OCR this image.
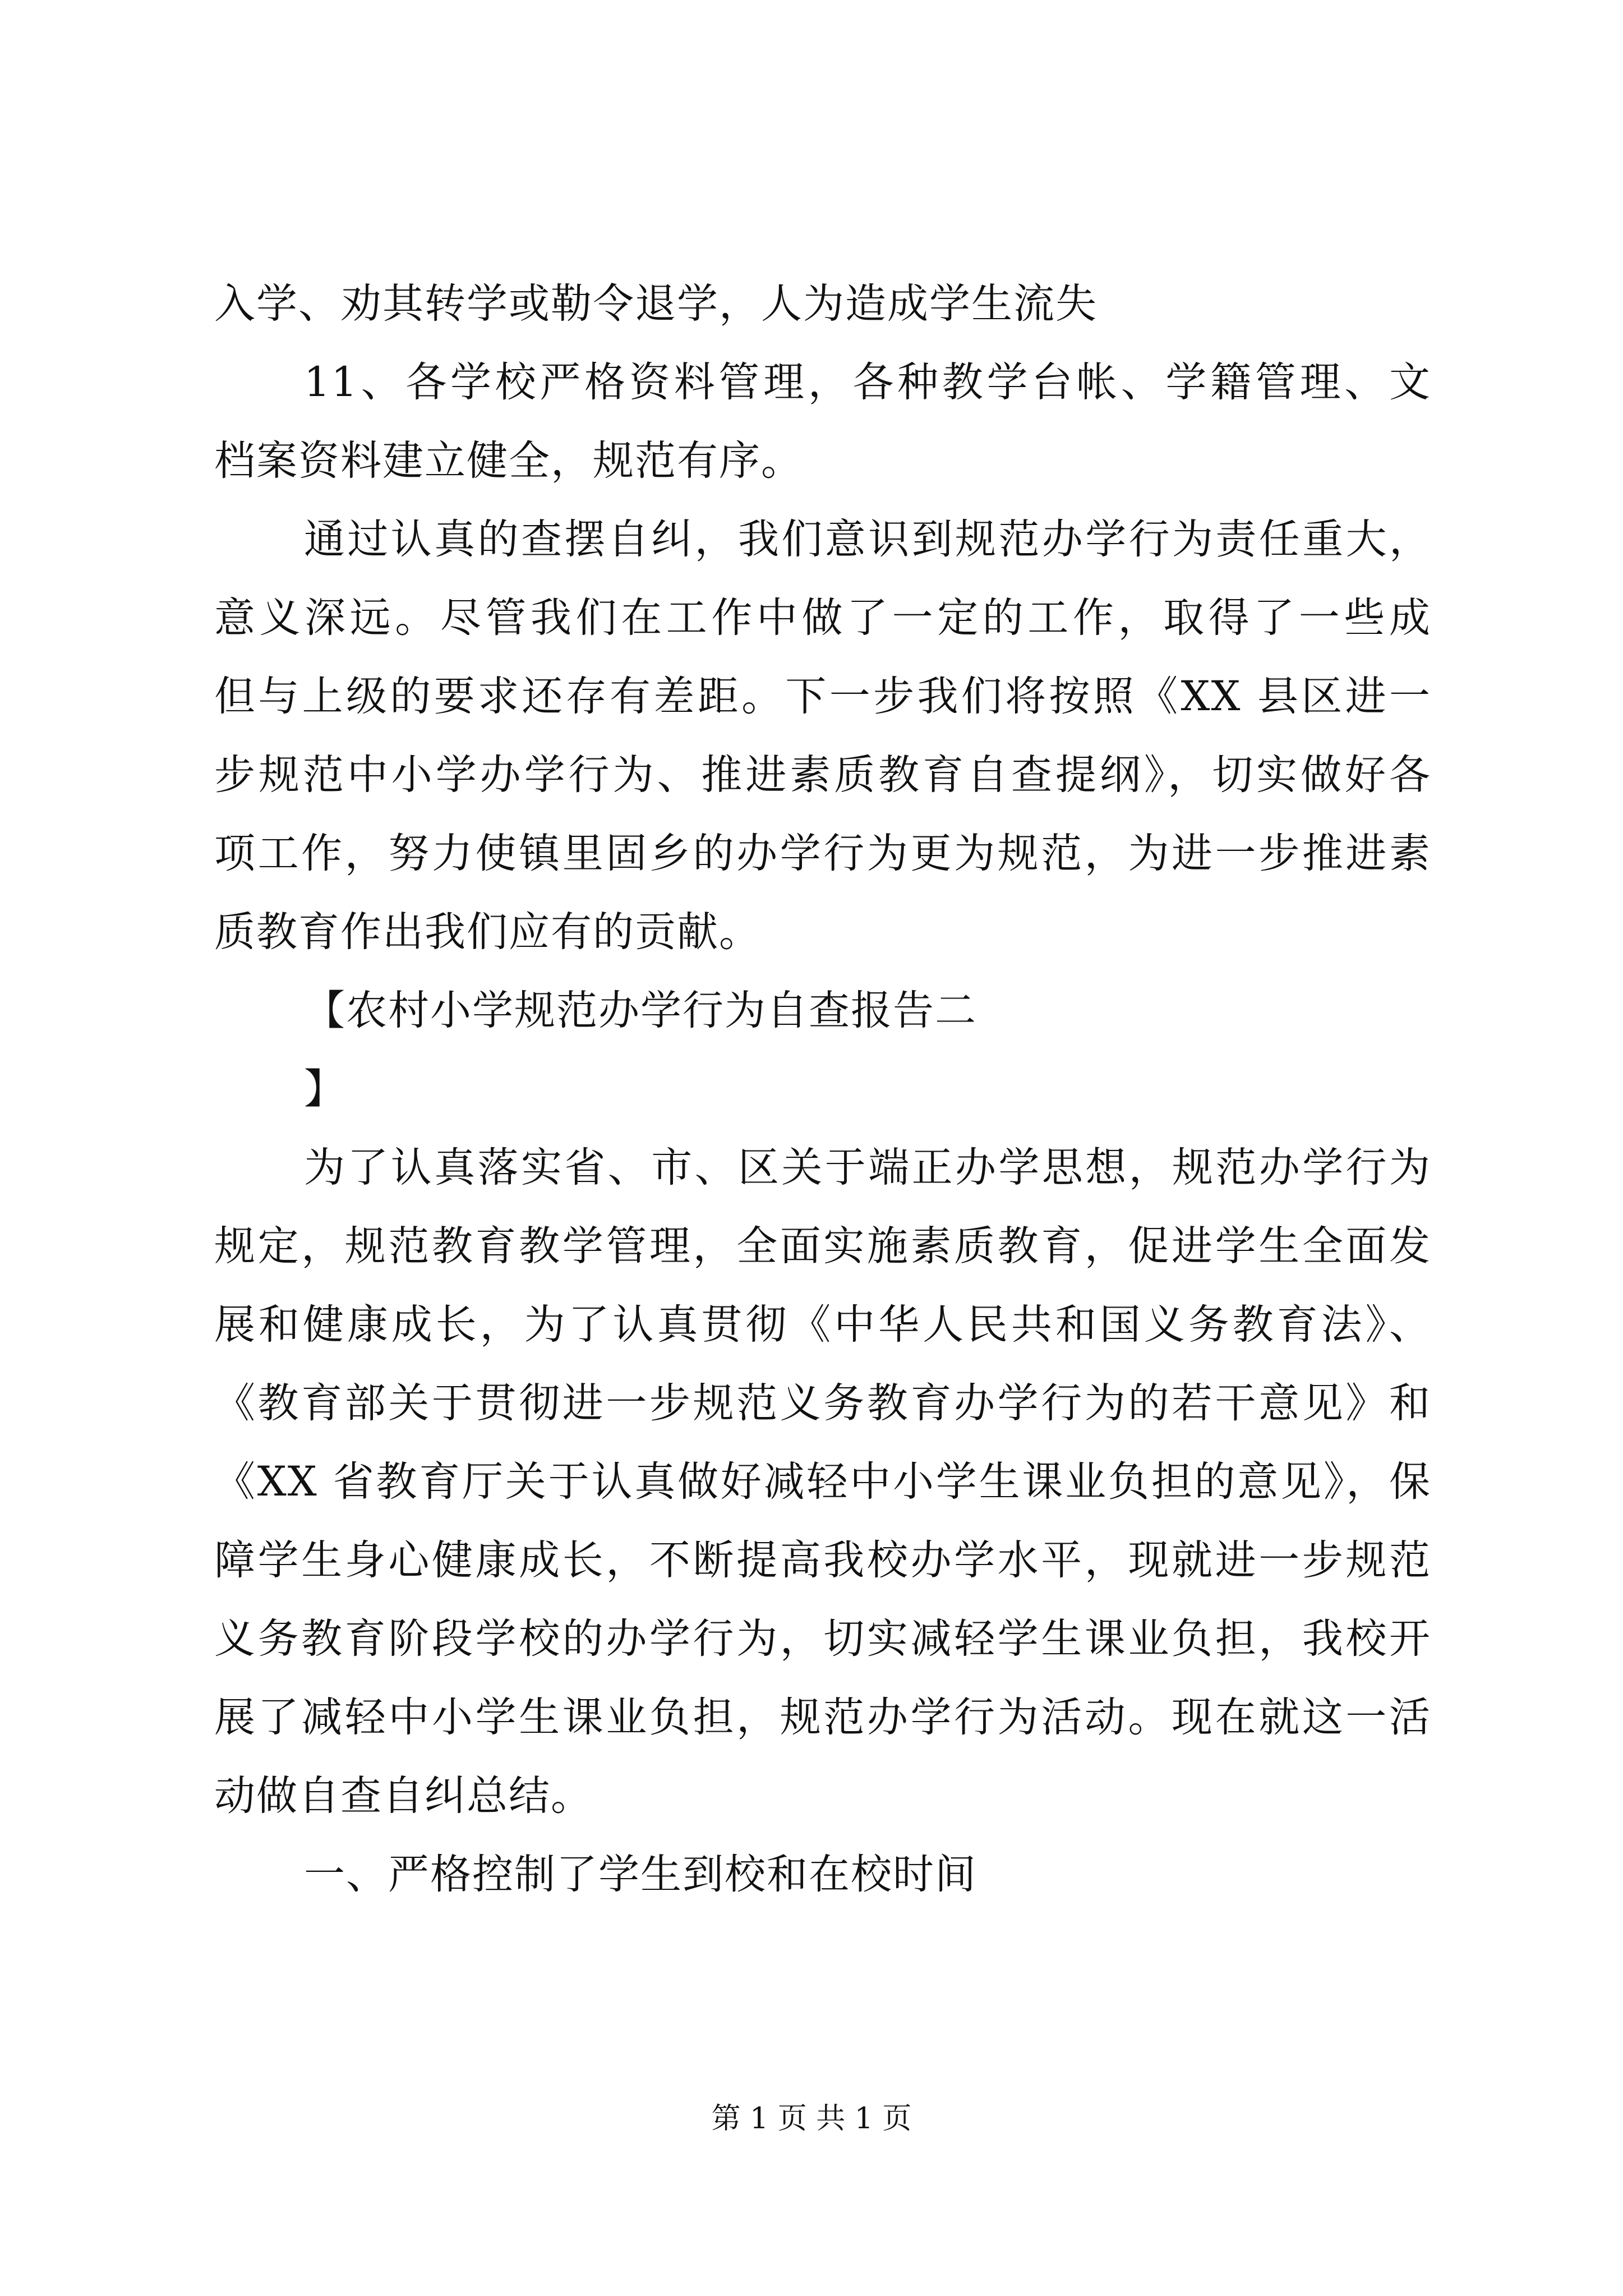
入学、劝其转学或勒令退学，人为造成学生流失
11、各学校严格资料管理，各种教学台帐、学籍管理、文
档案资料建立健全，规范有序。
通过认真的查摆自纠，我们意识到规范办学行为责任重大，
意义深远。尽管我们在工作中做了一定的工作，取得了一些成
但与上级的要求还存有差距。下一步我们将按照《XX 县区进一
步规范中小学办学行为、推进素质教育自查提纲》，切实做好各
项工作，努力使镇里固乡的办学行为更为规范，为进一步推进素
质教育作出我们应有的贡献。
【农村小学规范办学行为自查报告二
】
为了认真落实省、市、区关于端正办学思想，规范办学行为
规定，规范教育教学管理，全面实施素质教育，促进学生全面发
展和健康成长，为了认真贯彻《中华人民共和国义务教育法》、
《教育部关于贯彻进一步规范义务教育办学行为的若干意见》和
《XX 省教育厅关于认真做好减轻中小学生课业负担的意见》，保
障学生身心健康成长，不断提高我校办学水平，现就进一步规范
义务教育阶段学校的办学行为，切实减轻学生课业负担，我校开
展了减轻中小学生课业负担，规范办学行为活动。现在就这一活
动做自查自纠总结。
一、严格控制了学生到校和在校时间
第 1 页 共 1 页
